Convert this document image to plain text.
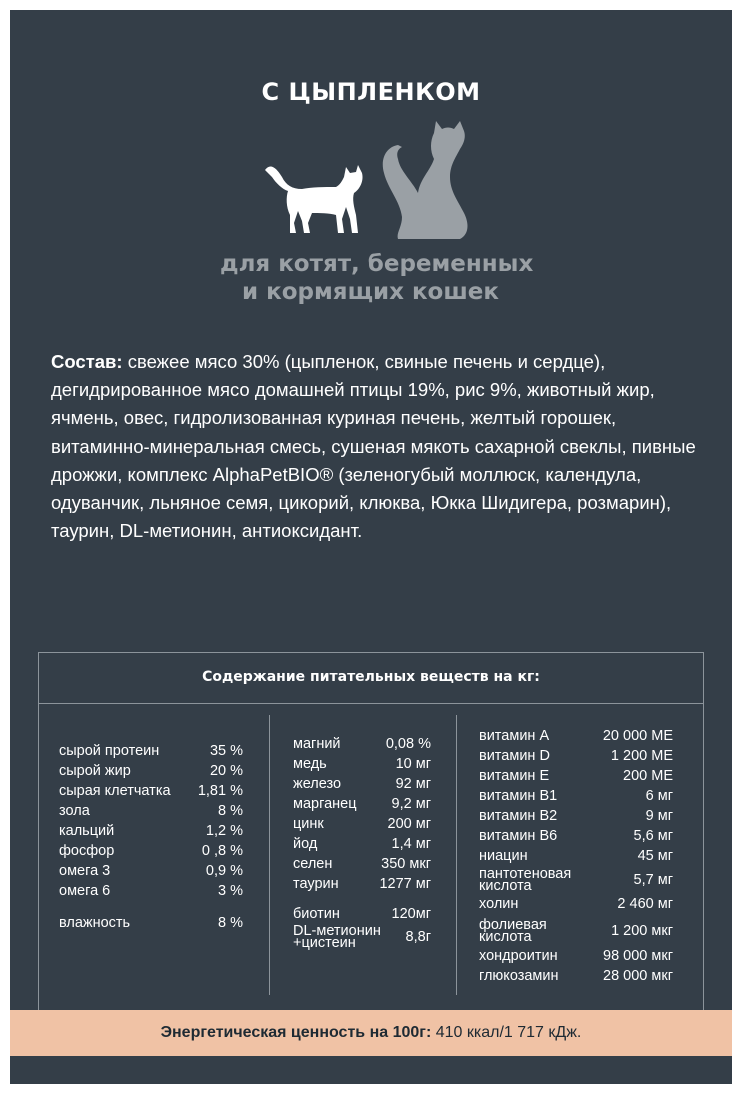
С ЦЫПЛЕНКОМ
для котят, беременных
и кормящих кошек
Состав: свежее мясо 30% (цыпленок, свиные печень и сердце),
дегидрированное мясо домашней птицы 19%, рис 9%, животный жир,
ячмень, овес, гидролизованная куриная печень, желтый горошек,
витаминно-минеральная смесь, сушеная мякоть сахарной свеклы, пивные
дрожжи, комплекс AlphaPetBIO® (зеленогубый моллюск, календула,
одуванчик, льняное семя, цикорий, клюква, Юкка Шидигера, розмарин),
таурин, DL-метионин, антиоксидант.
Содержание питательных веществ на кг:
сырой протеин	35 %
сырой жир	20 %
сырая клетчатка 1,81 %
зола	8 %
кальций	1,2 %
фосфор	0 ,8 %
омега 3	0,9 %
омега 6	3 %
влажность	8 %
магний	0,08 %
медь	10 мг
железо	92 мг
марганец 9,2 мг
цинк	200 мг
йод	1,4 мг
селен	350 мкг
таурин	1277 мг
биотин	120мг
DL-метионин
+цистеин	8,8г
витамин А	20 000 МЕ
витамин D	1 200 МЕ
витамин Е	200 МЕ
витамин В1	6 мг
витамин В2	9 мг
витамин В6	5,6 мг
ниацин	45 мг
пантотеновая
кислота	5,7 мг
холин	2 460 мг
фолиевая
кислота	1 200 мкг
хондроитин	98 000 мкг
глюкозамин	28 000 мкг
Энергетическая ценность на 100г: 410 ккал/1 717 кДж.
